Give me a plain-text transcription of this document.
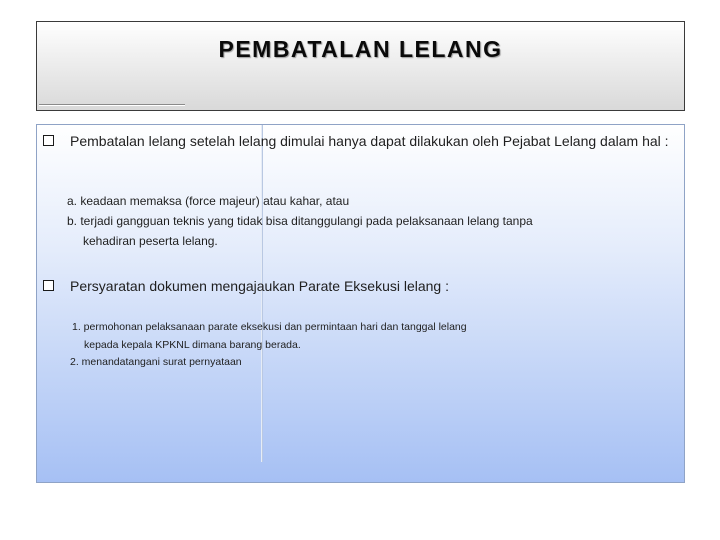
PEMBATALAN LELANG
Pembatalan lelang setelah lelang dimulai hanya dapat dilakukan oleh Pejabat Lelang dalam hal :
a. keadaan memaksa (force majeur) atau kahar, atau
b. terjadi gangguan teknis yang tidak bisa ditanggulangi pada pelaksanaan lelang tanpa
kehadiran peserta lelang.
Persyaratan dokumen mengajaukan Parate Eksekusi lelang :
1. permohonan pelaksanaan parate eksekusi dan permintaan hari dan tanggal lelang
kepada kepala KPKNL dimana barang berada.
2. menandatangani surat pernyataan
